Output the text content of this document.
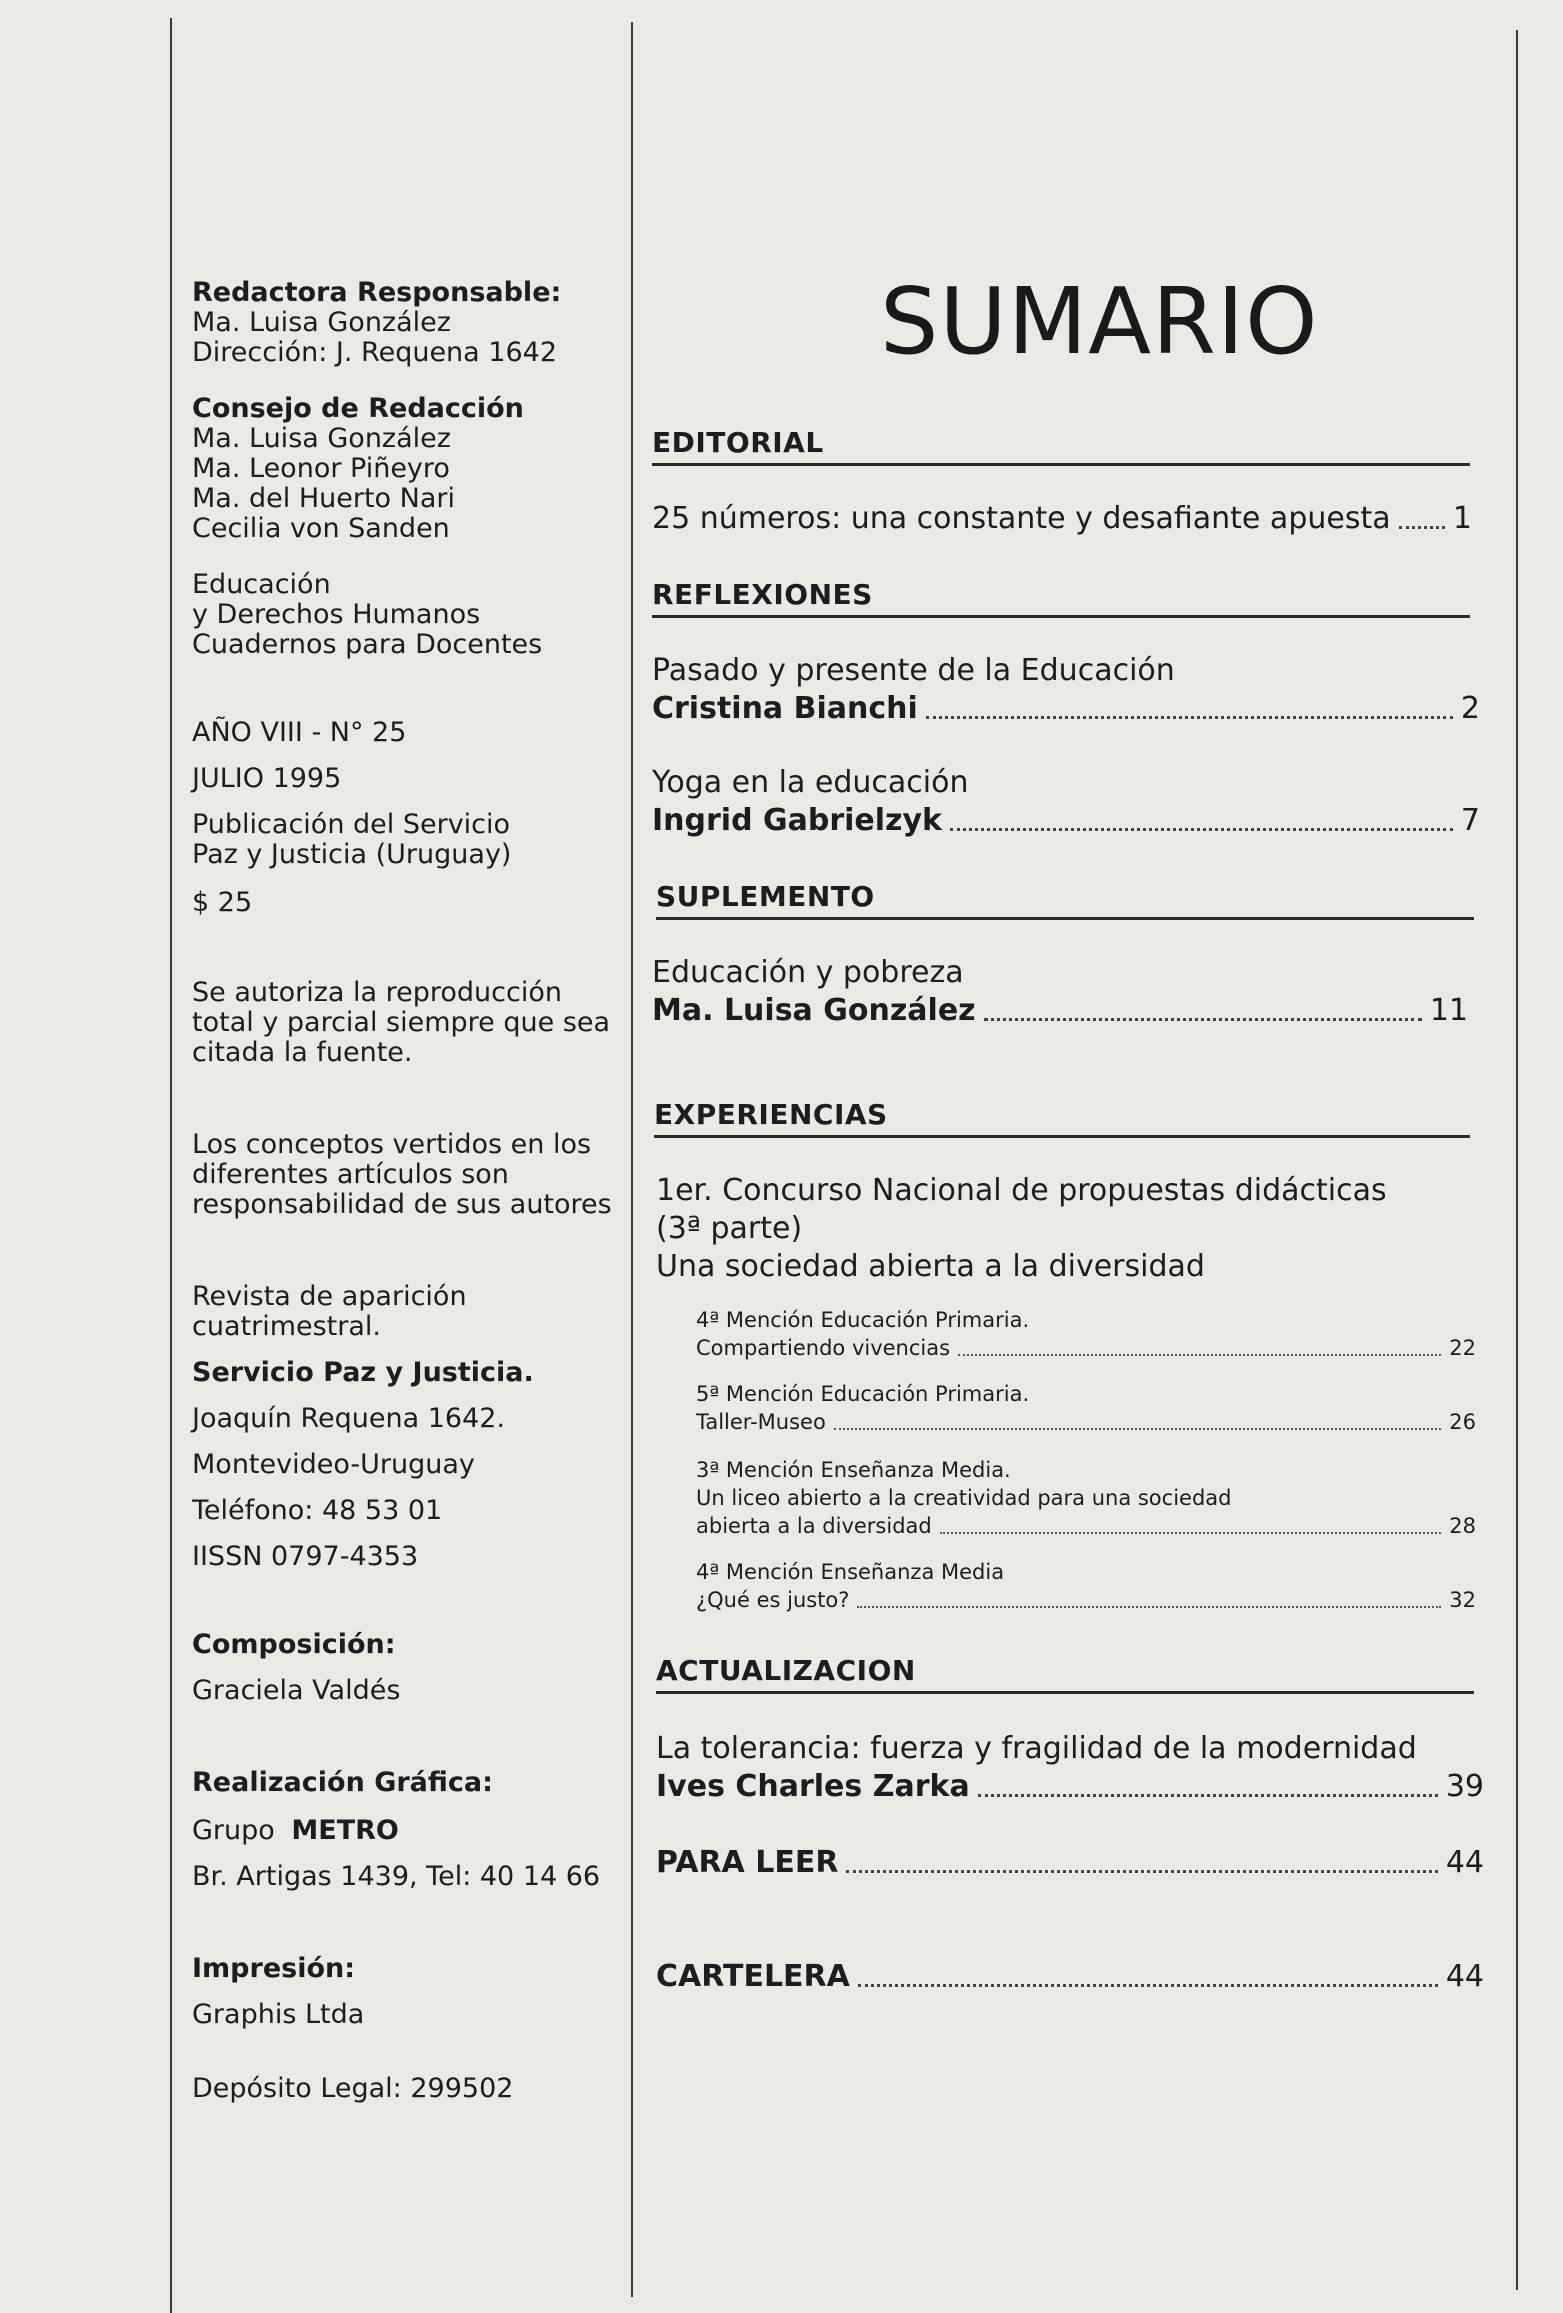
Redactora Responsable:
Ma. Luisa González
Dirección: J. Requena 1642
Consejo de Redacción
Ma. Luisa González
Ma. Leonor Piñeyro
Ma. del Huerto Nari
Cecilia von Sanden
Educación
y Derechos Humanos
Cuadernos para Docentes
AÑO VIII - N° 25
JULIO 1995
Publicación del Servicio
Paz y Justicia (Uruguay)
$ 25
Se autoriza la reproducción
total y parcial siempre que sea
citada la fuente.
Los conceptos vertidos en los
diferentes artículos son
responsabilidad de sus autores
Revista de aparición
cuatrimestral.
Servicio Paz y Justicia.
Joaquín Requena 1642.
Montevideo-Uruguay
Teléfono: 48 53 01
IISSN 0797-4353
Composición:
Graciela Valdés
Realización Gráfica:
Grupo METRO
Br. Artigas 1439, Tel: 40 14 66
Impresión:
Graphis Ltda
Depósito Legal: 299502
SUMARIO
EDITORIAL
25 números: una constante y desafiante apuesta 1
REFLEXIONES
Pasado y presente de la Educación
Cristina Bianchi	2
Yoga en la educación
Ingrid Gabrielzyk	7
SUPLEMENTO
Educación y pobreza
Ma. Luisa González	11
EXPERIENCIAS
1er. Concurso Nacional de propuestas didácticas
(3ª parte)
Una sociedad abierta a la diversidad
4ª Mención Educación Primaria.
Compartiendo vivencias	22
5ª Mención Educación Primaria.
Taller-Museo	26
3ª Mención Enseñanza Media.
Un liceo abierto a la creatividad para una sociedad
abierta a la diversidad	28
4ª Mención Enseñanza Media
¿Qué es justo?	32
ACTUALIZACION
La tolerancia: fuerza y fragilidad de la modernidad
Ives Charles Zarka	39
PARA LEER	44
CARTELERA	44
